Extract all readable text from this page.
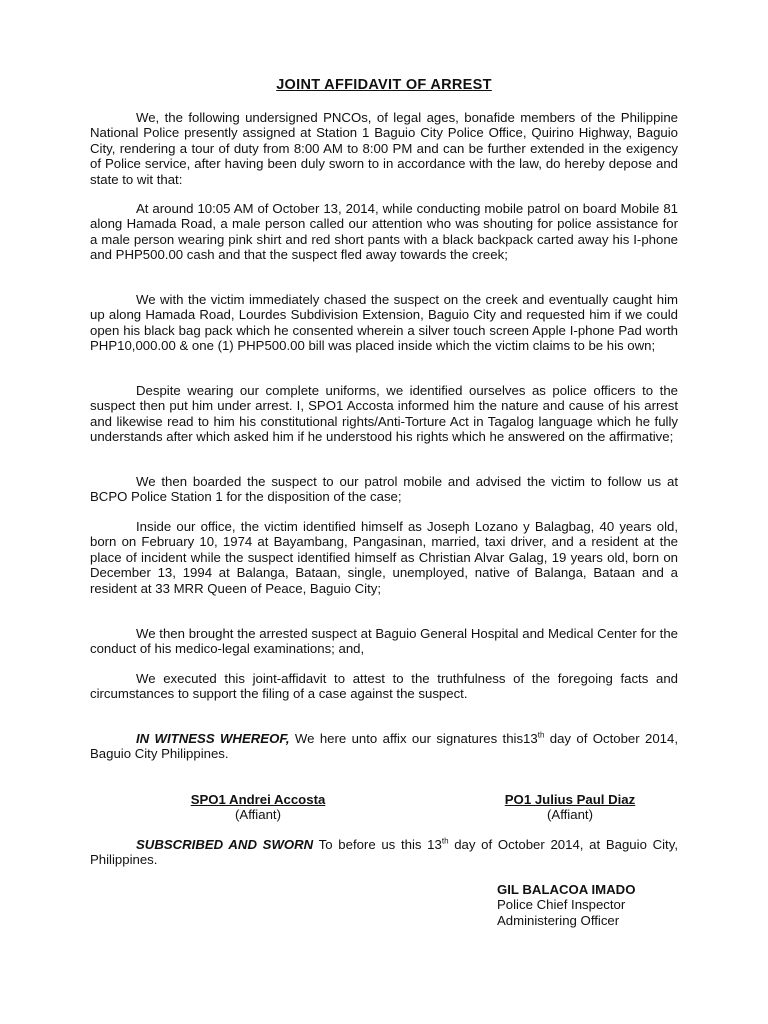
JOINT AFFIDAVIT OF ARREST

We, the following undersigned PNCOs, of legal ages, bonafide members of the Philippine National Police presently assigned at Station 1 Baguio City Police Office, Quirino Highway, Baguio City, rendering a tour of duty from 8:00 AM to 8:00 PM and can be further extended in the exigency of Police service, after having been duly sworn to in accordance with the law, do hereby depose and state to wit that:

At around 10:05 AM of October 13, 2014, while conducting mobile patrol on board Mobile 81 along Hamada Road, a male person called our attention who was shouting for police assistance for a male person wearing pink shirt and red short pants with a black backpack carted away his I-phone and PHP500.00 cash and that the suspect fled away towards the creek;

We with the victim immediately chased the suspect on the creek and eventually caught him up along Hamada Road, Lourdes Subdivision Extension, Baguio City and requested him if we could open his black bag pack which he consented wherein a silver touch screen Apple I-phone Pad worth PHP10,000.00 & one (1) PHP500.00 bill was placed inside which the victim claims to be his own;

Despite wearing our complete uniforms, we identified ourselves as police officers to the suspect then put him under arrest. I, SPO1 Accosta informed him the nature and cause of his arrest and likewise read to him his constitutional rights/Anti-Torture Act in Tagalog language which he fully understands after which asked him if he understood his rights which he answered on the affirmative;

We then boarded the suspect to our patrol mobile and advised the victim to follow us at BCPO Police Station 1 for the disposition of the case;

Inside our office, the victim identified himself as Joseph Lozano y Balagbag, 40 years old, born on February 10, 1974 at Bayambang, Pangasinan, married, taxi driver, and a resident at the place of incident while the suspect identified himself as Christian Alvar Galag, 19 years old, born on December 13, 1994 at Balanga, Bataan, single, unemployed, native of Balanga, Bataan and a resident at 33 MRR Queen of Peace, Baguio City;

We then brought the arrested suspect at Baguio General Hospital and Medical Center for the conduct of his medico-legal examinations; and,

We executed this joint-affidavit to attest to the truthfulness of the foregoing facts and circumstances to support the filing of a case against the suspect.

IN WITNESS WHEREOF, We here unto affix our signatures this13th day of October 2014, Baguio City Philippines.

SPO1 Andrei Accosta
(Affiant)
PO1 Julius Paul Diaz
(Affiant)

SUBSCRIBED AND SWORN To before us this 13th day of October 2014, at Baguio City, Philippines.

GIL BALACOA IMADO
Police Chief Inspector
Administering Officer
